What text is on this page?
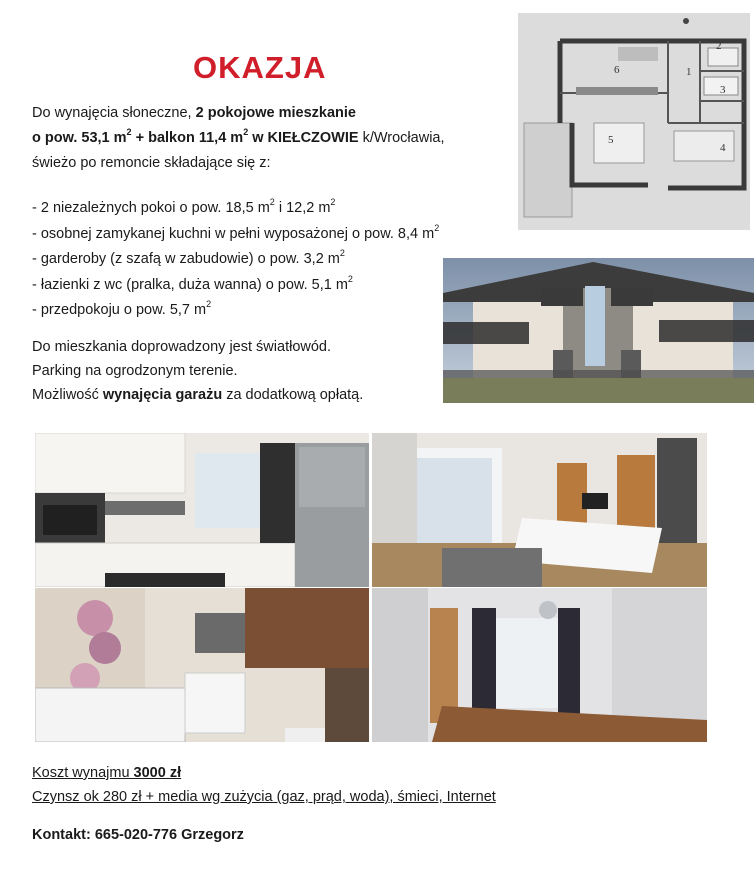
OKAZJA
Do wynajęcia słoneczne, 2 pokojowe mieszkanie
o pow. 53,1 $m^2$ + balkon 11,4 $m^2$ w KIEŁCZOWIE k/Wrocławia,
świeżo po remoncie składające się z:
- 2 niezależnych pokoi o pow. 18,5 $m^2$ i 12,2 $m^2$
- osobnej zamykanej kuchni w pełni wyposażonej o pow. 8,4 $m^2$
- garderoby (z szafą w zabudowie) o pow. 3,2 $m^2$
- łazienki z wc (pralka, duża wanna) o pow. 5,1 $m^2$
- przedpokoju o pow. 5,7 $m^2$
Do mieszkania doprowadzony jest światłowód.
Parking na ogrodzonym terenie.
Możliwość wynajęcia garażu za dodatkową opłatą.
6	1
2
3
4
5
Koszt wynajmu 3000 zł
Czynsz ok 280 zł + media wg zużycia (gaz, prąd, woda), śmieci, Internet
Kontakt: 665-020-776 Grzegorz
